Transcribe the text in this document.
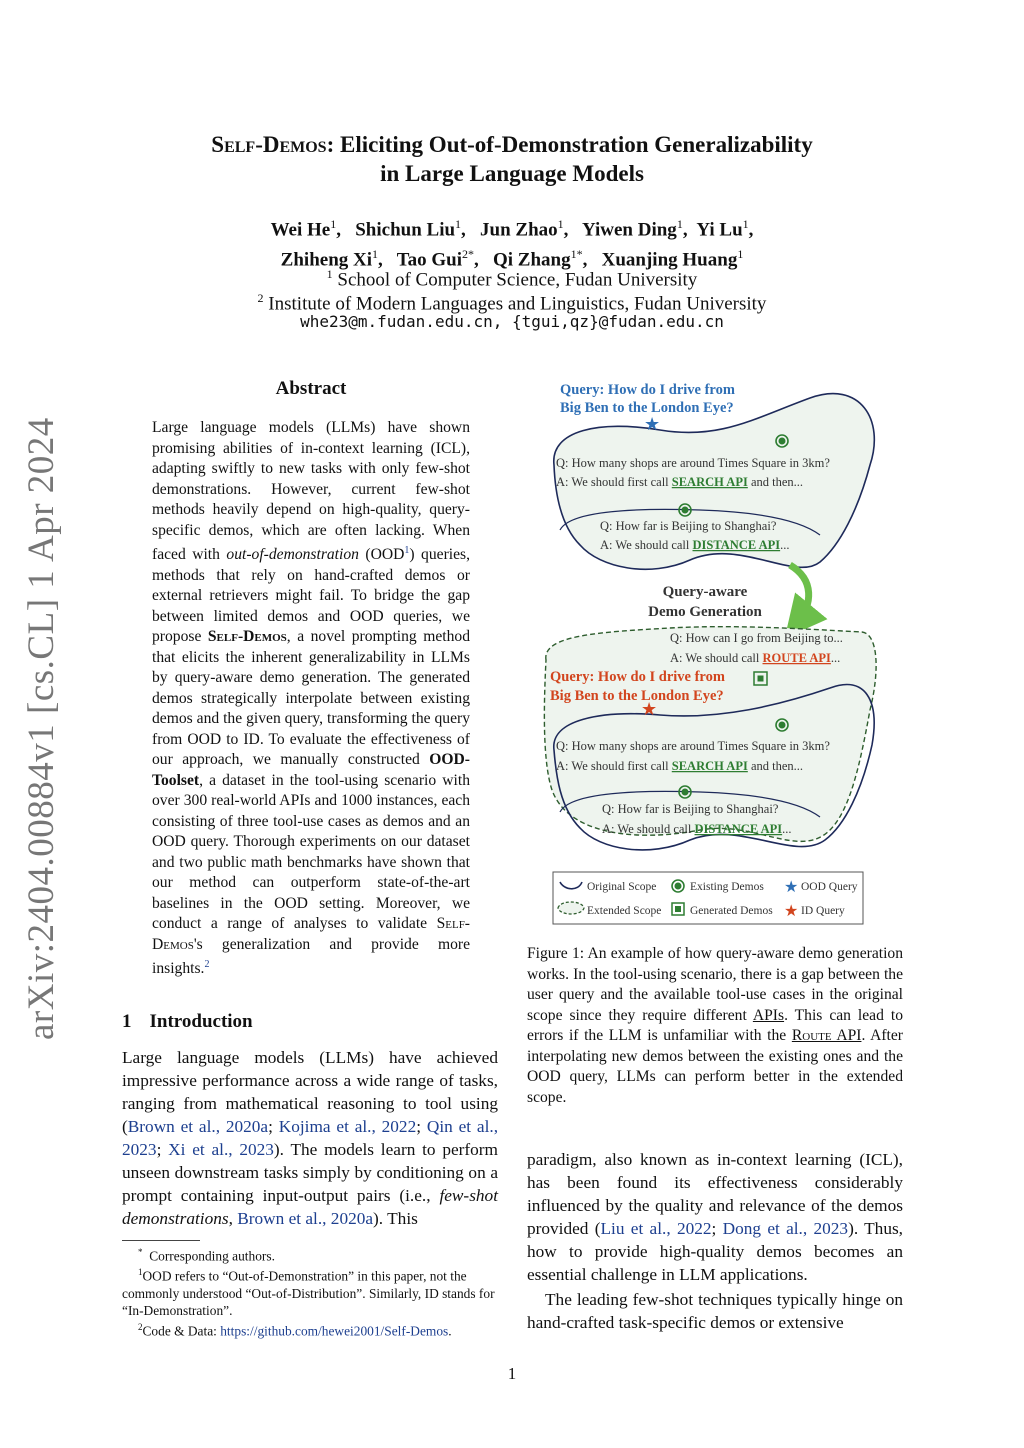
Self-Demos: Eliciting Out-of-Demonstration Generalizability
in Large Language Models
Wei He$^1$,   Shichun Liu$^1$,   Jun Zhao$^1$,   Yiwen Ding$^1$,  Yi Lu$^1$,
Zhiheng Xi$^1$,   Tao Gui$^{2*}$,   Qi Zhang$^{1*}$,   Xuanjing Huang$^1$
$^1$ School of Computer Science, Fudan University
$^2$ Institute of Modern Languages and Linguistics, Fudan University
whe23@m.fudan.edu.cn, {tgui,qz}@fudan.edu.cn
arXiv:2404.00884v1 [cs.CL] 1 Apr 2024
Abstract
Large language models (LLMs) have shown promising abilities of in-context learning (ICL), adapting swiftly to new tasks with only few-shot demonstrations. However, current few-shot methods heavily depend on high-quality, query-specific demos, which are often lacking. When faced with out-of-demonstration (OOD$^1$) queries, methods that rely on hand-crafted demos or external retrievers might fail. To bridge the gap between limited demos and OOD queries, we propose Self-Demos, a novel prompting method that elicits the inherent generalizability in LLMs by query-aware demo generation. The generated demos strategically interpolate between existing demos and the given query, transforming the query from OOD to ID. To evaluate the effectiveness of our approach, we manually constructed OOD-Toolset, a dataset in the tool-using scenario with over 300 real-world APIs and 1000 instances, each consisting of three tool-use cases as demos and an OOD query. Thorough experiments on our dataset and two public math benchmarks have shown that our method can outperform state-of-the-art baselines in the OOD setting. Moreover, we conduct a range of analyses to validate Self-Demos's generalization and provide more insights.$^2$
1 Introduction
Large language models (LLMs) have achieved impressive performance across a wide range of tasks, ranging from mathematical reasoning to tool using (Brown et al., 2020a; Kojima et al., 2022; Qin et al., 2023; Xi et al., 2023). The models learn to perform unseen downstream tasks simply by conditioning on a prompt containing input-output pairs (i.e., few-shot demonstrations, Brown et al., 2020a). This
* Corresponding authors.
$^1$OOD refers to “Out-of-Demonstration” in this paper, not the commonly understood “Out-of-Distribution”. Similarly, ID stands for “In-Demonstration”.
$^2$Code & Data: https://github.com/hewei2001/Self-Demos.
Query: How do I drive from
Big Ben to the London Eye?
★
Q: How many shops are around Times Square in 3km?
A: We should first call SEARCH API and then...
Q: How far is Beijing to Shanghai?
A: We should call DISTANCE API...
Query-aware
Demo Generation
Q: How can I go from Beijing to...
A: We should call ROUTE API...
Query: How do I drive from
Big Ben to the London Eye?
★
Q: How many shops are around Times Square in 3km?
A: We should first call SEARCH API and then...
Q: How far is Beijing to Shanghai?
A: We should call DISTANCE API...
Original Scope	Existing Demos ★ OOD Query
Extended Scope Generated Demos ★ ID Query
Figure 1: An example of how query-aware demo generation works. In the tool-using scenario, there is a gap between the user query and the available tool-use cases in the original scope since they require different APIs. This can lead to errors if the LLM is unfamiliar with the Route API. After interpolating new demos between the existing ones and the OOD query, LLMs can perform better in the extended scope.
paradigm, also known as in-context learning (ICL), has been found its effectiveness considerably influenced by the quality and relevance of the demos provided (Liu et al., 2022; Dong et al., 2023). Thus, how to provide high-quality demos becomes an essential challenge in LLM applications.
The leading few-shot techniques typically hinge on hand-crafted task-specific demos or extensive
1
